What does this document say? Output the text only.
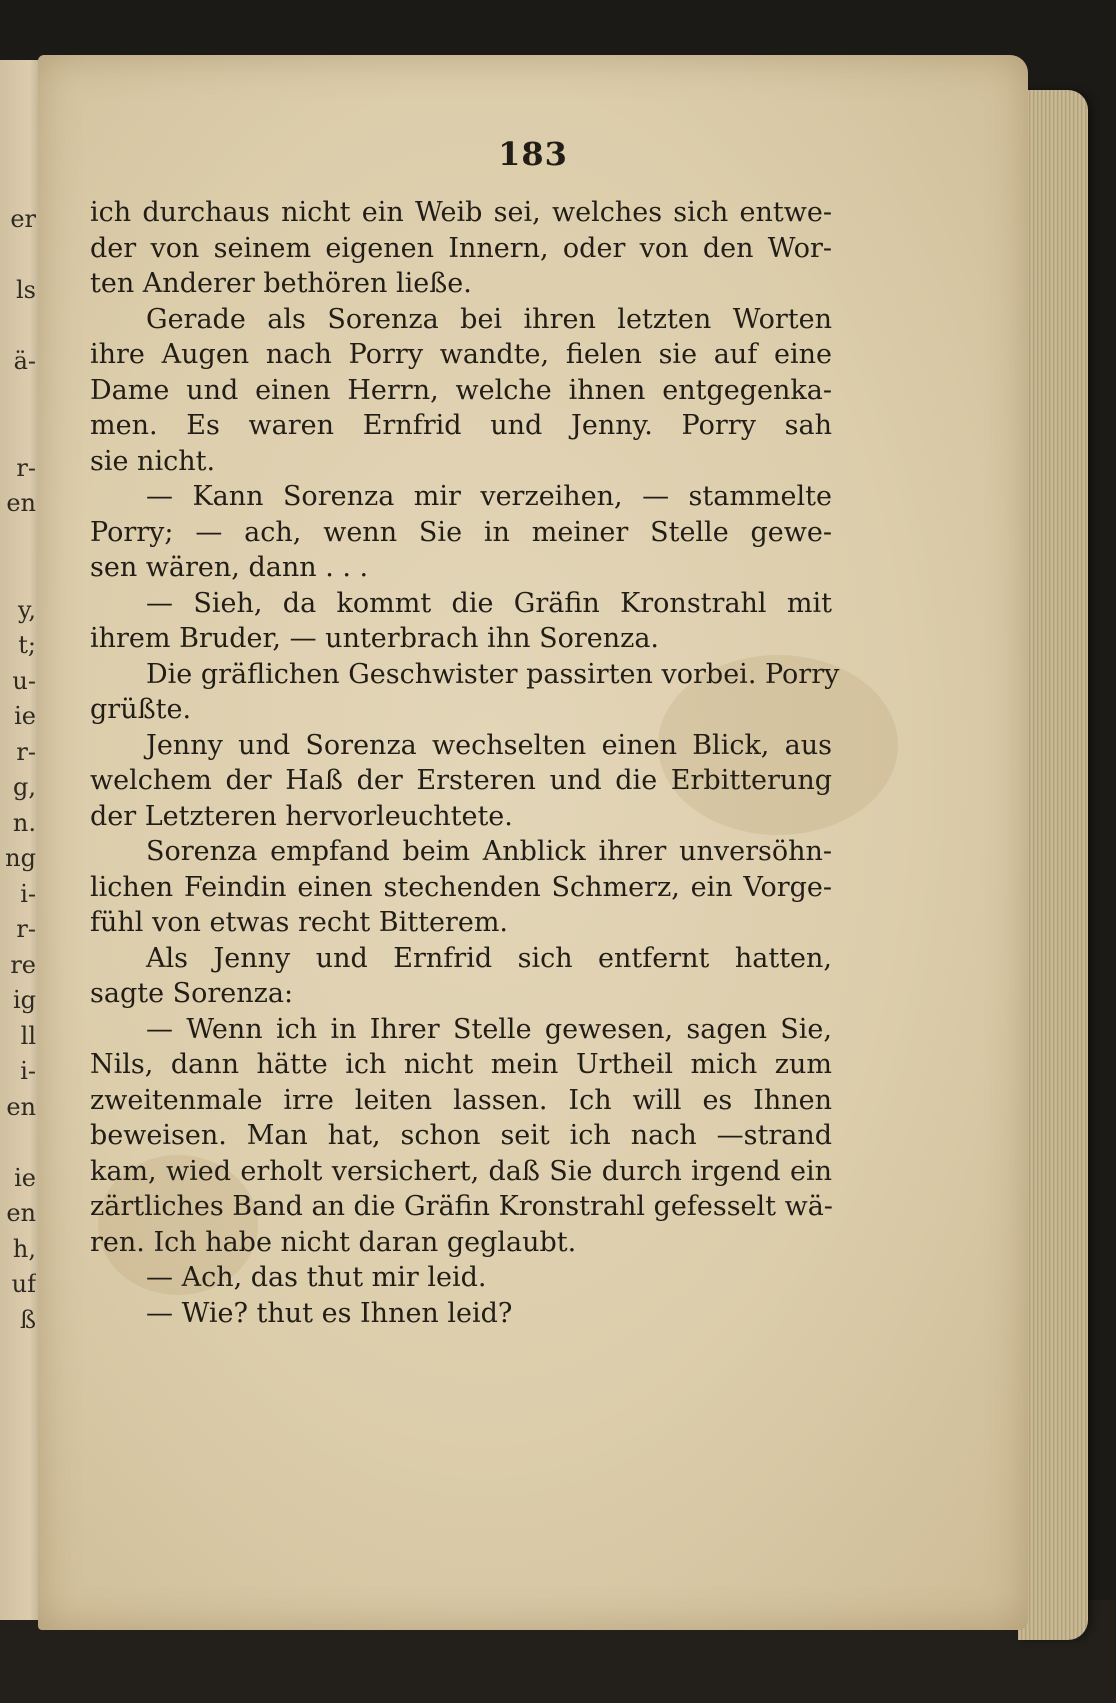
er
ls
ä-
r-
en
y,
t;
u-
ie
r-
g,
n.
ng
i-
r-
re
ig
ll
i-
en
ie
en
h,
uf
ß
183
ich durchaus nicht ein Weib sei, welches sich entwe-
der von seinem eigenen Innern, oder von den Wor-
ten Anderer bethören ließe.
Gerade als Sorenza bei ihren letzten Worten
ihre Augen nach Porry wandte, fielen sie auf eine
Dame und einen Herrn, welche ihnen entgegenka-
men. Es waren Ernfrid und Jenny. Porry sah
sie nicht.
— Kann Sorenza mir verzeihen, — stammelte
Porry; — ach, wenn Sie in meiner Stelle gewe-
sen wären, dann . . .
— Sieh, da kommt die Gräfin Kronstrahl mit
ihrem Bruder, — unterbrach ihn Sorenza.
Die gräflichen Geschwister passirten vorbei. Porry
grüßte.
Jenny und Sorenza wechselten einen Blick, aus
welchem der Haß der Ersteren und die Erbitterung
der Letzteren hervorleuchtete.
Sorenza empfand beim Anblick ihrer unversöhn-
lichen Feindin einen stechenden Schmerz, ein Vorge-
fühl von etwas recht Bitterem.
Als Jenny und Ernfrid sich entfernt hatten,
sagte Sorenza:
— Wenn ich in Ihrer Stelle gewesen, sagen Sie,
Nils, dann hätte ich nicht mein Urtheil mich zum
zweitenmale irre leiten lassen. Ich will es Ihnen
beweisen. Man hat, schon seit ich nach —strand
kam, wied erholt versichert, daß Sie durch irgend ein
zärtliches Band an die Gräfin Kronstrahl gefesselt wä-
ren. Ich habe nicht daran geglaubt.
— Ach, das thut mir leid.
— Wie? thut es Ihnen leid?
